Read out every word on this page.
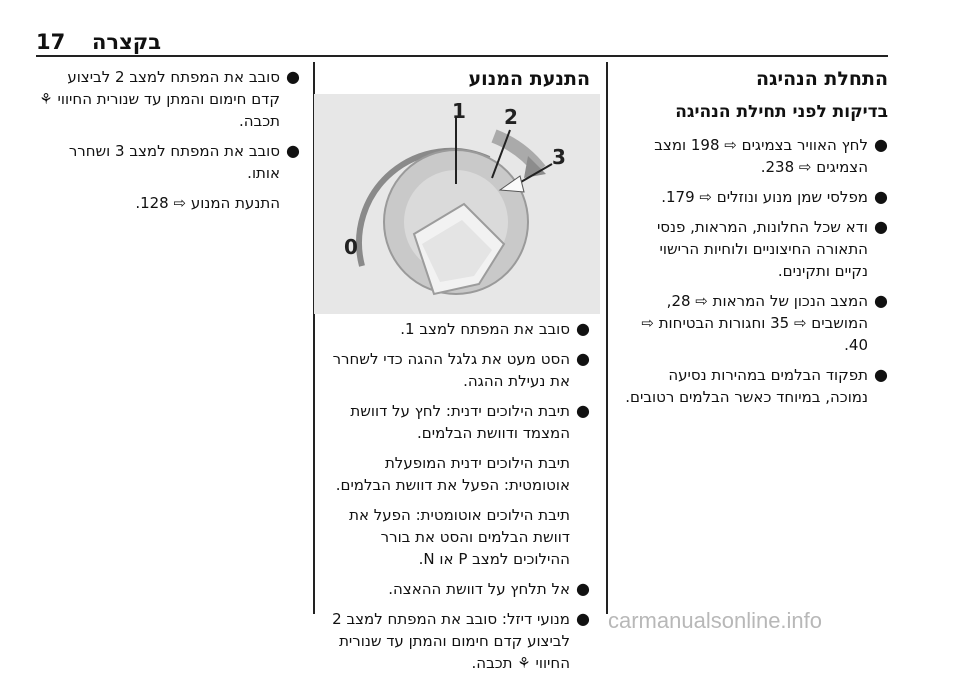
בקצרה
17
התחלת הנהיגה
בדיקות לפני תחילת הנהיגה
●
לחץ האוויר בצמיגים ⇨ 198 ומצב הצמיגים ⇨ 238.
●
מפלסי שמן מנוע ונוזלים ⇨ 179.
●
ודא שכל החלונות, המראות, פנסי התאורה החיצוניים ולוחיות הרישוי נקיים ותקינים.
●
המצב הנכון של המראות ⇨ 28, המושבים ⇨ 35 וחגורות הבטיחות ⇨ 40.
●
תפקוד הבלמים במהירות נסיעה נמוכה, במיוחד כאשר הבלמים רטובים.
התנעת המנוע
1 2
3
0
●
סובב את המפתח למצב 1.
●
הסט מעט את גלגל ההגה כדי לשחרר את נעילת ההגה.
●
תיבת הילוכים ידנית: לחץ על דוושת המצמד ודוושת הבלמים.
תיבת הילוכים ידנית המופעלת אוטומטית: הפעל את דוושת הבלמים.
תיבת הילוכים אוטומטית: הפעל את דוושת הבלמים והסט את בורר ההילוכים למצב P או N.
●
אל תלחץ על דוושת ההאצה.
●
מנועי דיזל: סובב את המפתח למצב 2 לביצוע קדם חימום והמתן עד שנורית החיווי ⚘ תכבה.
●
סובב את המפתח למצב 2 לביצוע קדם חימום והמתן עד שנורית החיווי ⚘ תכבה.
●
סובב את המפתח למצב 3 ושחרר אותו.
התנעת המנוע ⇨ 128.
carmanualsonline.info
